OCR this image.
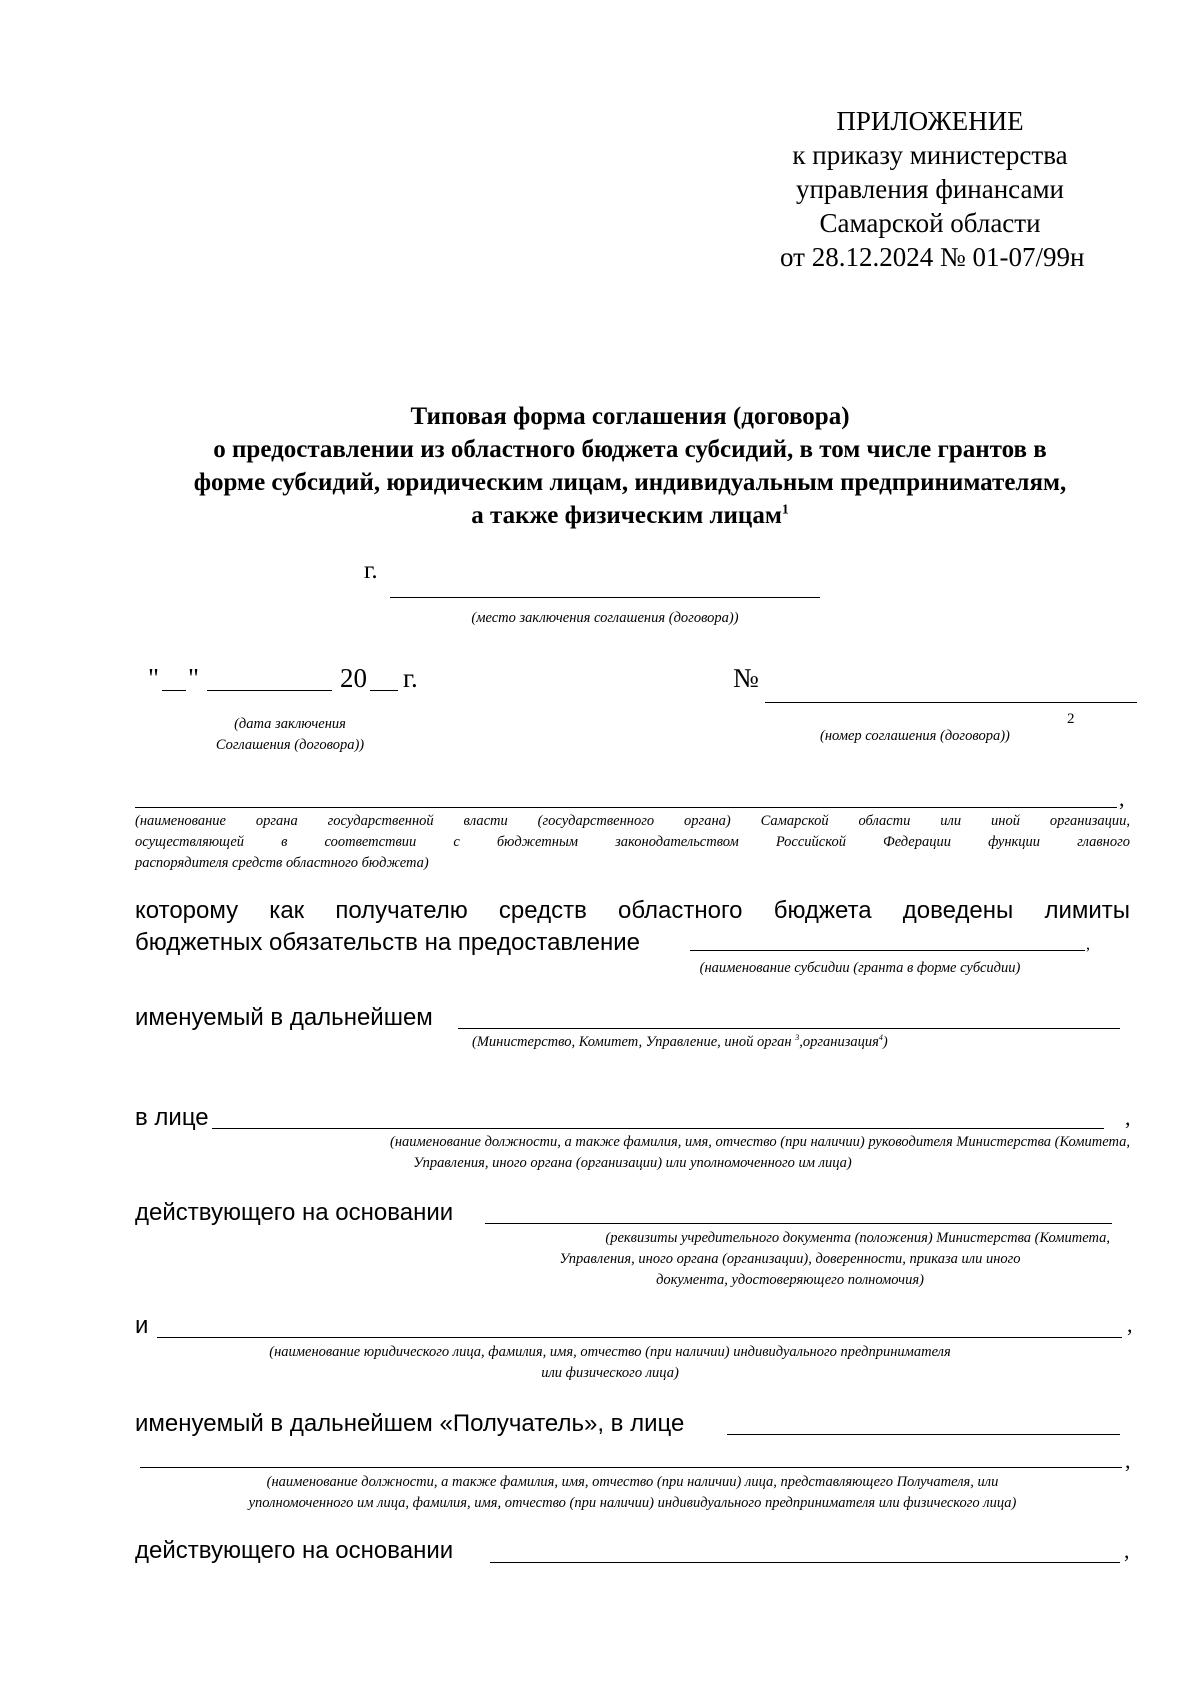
ПРИЛОЖЕНИЕ
к приказу министерства
управления финансами
Самарской области
от 28.12.2024 № 01-07/99н
Типовая форма соглашения (договора)
о предоставлении из областного бюджета субсидий, в том числе грантов в
форме субсидий, юридическим лицам, индивидуальным предпринимателям,
а также физическим лицам$^1$
г.
(место заключения соглашения (договора))
" "	20 г.
(дата заключения
Соглашения (договора))
№
(номер соглашения (договора))
2
,
(наименование органа государственной власти (государственного органа) Самарской области или иной организации,
осуществляющей в соответствии с бюджетным законодательством Российской Федерации функции главного
распорядителя средств областного бюджета)
которому как получателю средств областного бюджета доведены лимиты
бюджетных обязательств на предоставление	,
(наименование субсидии (гранта в форме субсидии)
именуемый в дальнейшем
(Министерство, Комитет, Управление, иной орган $^3$,организация$^4$)
в лице	,
(наименование должности, а также фамилия, имя, отчество (при наличии) руководителя Министерства (Комитета,
Управления, иного органа (организации) или уполномоченного им лица)
действующего на основании
(реквизиты учредительного документа (положения) Министерства (Комитета,
Управления, иного органа (организации), доверенности, приказа или иного
документа, удостоверяющего полномочия)
и	,
(наименование юридического лица, фамилия, имя, отчество (при наличии) индивидуального предпринимателя
или физического лица)
именуемый в дальнейшем «Получатель», в лице
,
(наименование должности, а также фамилия, имя, отчество (при наличии) лица, представляющего Получателя, или
уполномоченного им лица, фамилия, имя, отчество (при наличии) индивидуального предпринимателя или физического лица)
действующего на основании	,
